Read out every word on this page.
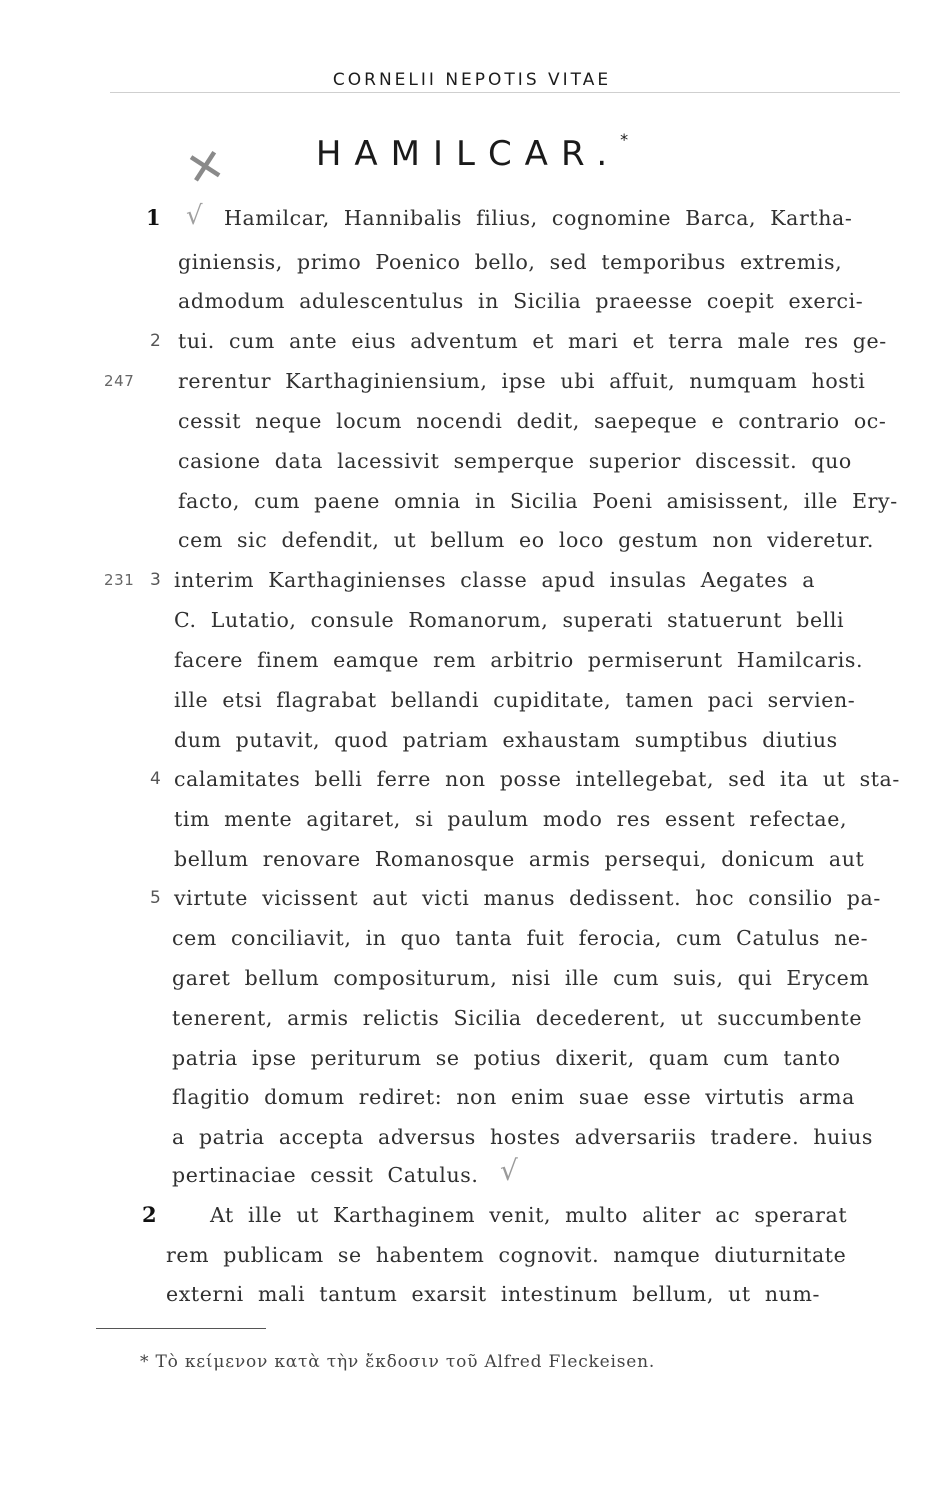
CORNELII NEPOTIS VITAE
HAMILCAR.*
✕
1 √ Hamilcar, Hannibalis filius, cognomine Barca, Kartha-
giniensis, primo Poenico bello, sed temporibus extremis,
admodum adulescentulus in Sicilia praeesse coepit exerci-
2 tui. cum ante eius adventum et mari et terra male res ge-
247 rerentur Karthaginiensium, ipse ubi affuit, numquam hosti
cessit neque locum nocendi dedit, saepeque e contrario oc-
casione data lacessivit semperque superior discessit. quo
facto, cum paene omnia in Sicilia Poeni amisissent, ille Ery-
cem sic defendit, ut bellum eo loco gestum non videretur.
231 3 interim Karthaginienses classe apud insulas Aegates a
C. Lutatio, consule Romanorum, superati statuerunt belli
facere finem eamque rem arbitrio permiserunt Hamilcaris.
ille etsi flagrabat bellandi cupiditate, tamen paci servien-
dum putavit, quod patriam exhaustam sumptibus diutius
4 calamitates belli ferre non posse intellegebat, sed ita ut sta-
tim mente agitaret, si paulum modo res essent refectae,
bellum renovare Romanosque armis persequi, donicum aut
5 virtute vicissent aut victi manus dedissent. hoc consilio pa-
cem conciliavit, in quo tanta fuit ferocia, cum Catulus ne-
garet bellum compositurum, nisi ille cum suis, qui Erycem
tenerent, armis relictis Sicilia decederent, ut succumbente
patria ipse periturum se potius dixerit, quam cum tanto
flagitio domum rediret: non enim suae esse virtutis arma
a patria accepta adversus hostes adversariis tradere. huius
pertinaciae cessit Catulus. √
2	At ille ut Karthaginem venit, multo aliter ac sperarat
rem publicam se habentem cognovit. namque diuturnitate
externi mali tantum exarsit intestinum bellum, ut num-
* Τὸ κείμενον κατὰ τὴν ἔκδοσιν τοῦ Alfred Fleckeisen.
